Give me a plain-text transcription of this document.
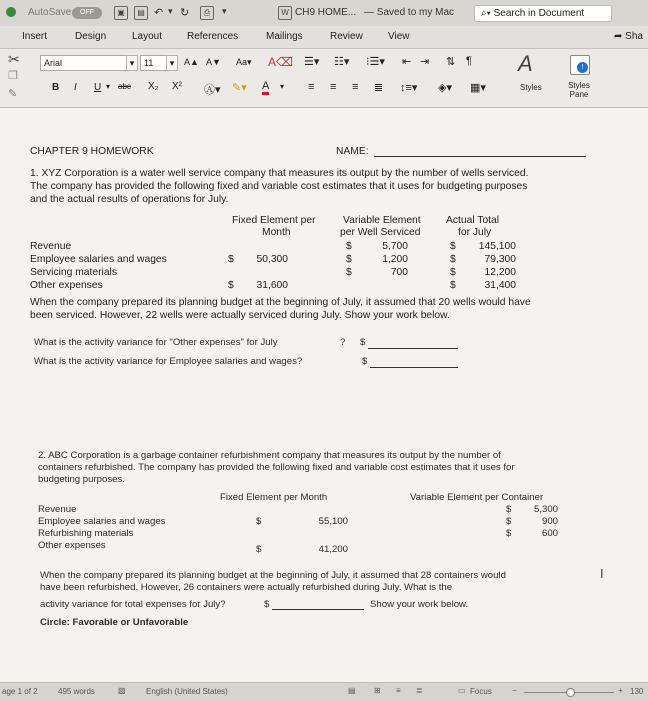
AutoSave	OFF	▣	▤ ↶ ▾ ↻	⎙	▾	W CH9 HOME... — Saved to my Mac	⌕▾ Search in Document
Insert	Design	Layout References	Mailings	Review	View	➦ Sha
✂
❐
✎
Arial	▾	11	▾	A▲ A▼ Aa▾ A⌫
B I U ▾ abc X₂ X² Ⓐ▾ ✎▾ A ▾
☰▾ ☷▾ ⁝☰▾ ⇤ ⇥ ⇅ ¶
≡ ≡ ≡ ≣ ↕≡▾ ◈▾ ▦▾
A
Styles
!
Styles Pane
CHAPTER 9 HOMEWORK	NAME:
1. XYZ Corporation is a water well service company that measures its output by the number of wells serviced.
The company has provided the following fixed and variable cost estimates that it uses for budgeting purposes
and the actual results of operations for July.
Fixed Element per
Month
Variable Element
per Well Serviced
Actual Total
for July
Revenue	$	5,700	$	145,100
Employee salaries and wages	$	50,300	$	1,200	$	79,300
Servicing materials	$	700	$	12,200
Other expenses	$	31,600	$	31,400
When the company prepared its planning budget at the beginning of July, it assumed that 20 wells would have
been serviced. However, 22 wells were actually serviced during July. Show your work below.
What is the activity variance for "Other expenses" for July	? $
What is the activity variance for Employee salaries and wages?	$
2. ABC Corporation is a garbage container refurbishment company that measures its output by the number of
containers refurbished. The company has provided the following fixed and variable cost estimates that it uses for
budgeting purposes.
Fixed Element per Month	Variable Element per Container
Revenue	$	5,300
Employee salaries and wages	$	55,100	$	900
Refurbishing materials	$	600
Other expenses	$	41,200
When the company prepared its planning budget at the beginning of July, it assumed that 28 containers would	I
have been refurbished. However, 26 containers were actually refurbished during July. What is the
activity variance for total expenses for July?	$	Show your work below.
Circle: Favorable or Unfavorable
age 1 of 2	495 words	▧	English (United States)	▤ ⊞ ≡ ≣	▭ Focus	−	+ 130
